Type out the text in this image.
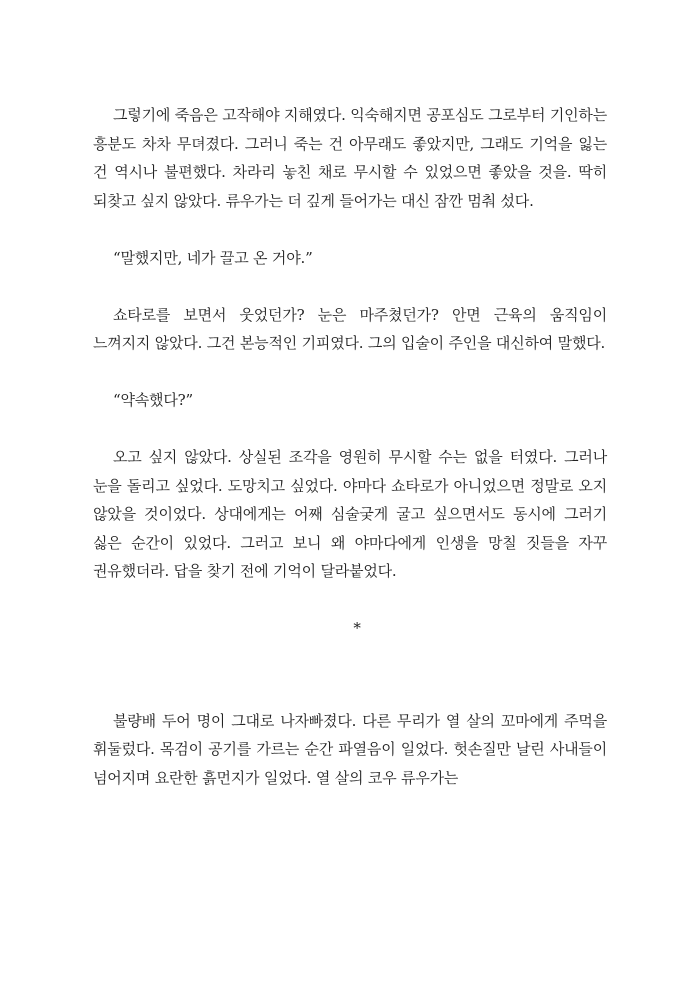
그렇기에 죽음은 고작해야 지해였다. 익숙해지면 공포심도 그로부터 기인하는 흥분도 차차 무뎌졌다. 그러니 죽는 건 아무래도 좋았지만, 그래도 기억을 잃는 건 역시나 불편했다. 차라리 놓친 채로 무시할 수 있었으면 좋았을 것을. 딱히 되찾고 싶지 않았다. 류우가는 더 깊게 들어가는 대신 잠깐 멈춰 섰다.

“말했지만, 네가 끌고 온 거야.”

쇼타로를 보면서 웃었던가? 눈은 마주쳤던가? 안면 근육의 움직임이 느껴지지 않았다. 그건 본능적인 기피였다. 그의 입술이 주인을 대신하여 말했다.

“약속했다?”

오고 싶지 않았다. 상실된 조각을 영원히 무시할 수는 없을 터였다. 그러나 눈을 돌리고 싶었다. 도망치고 싶었다. 야마다 쇼타로가 아니었으면 정말로 오지 않았을 것이었다. 상대에게는 어째 심술궂게 굴고 싶으면서도 동시에 그러기 싫은 순간이 있었다. 그러고 보니 왜 야마다에게 인생을 망칠 짓들을 자꾸 권유했더라. 답을 찾기 전에 기억이 달라붙었다.

*

불량배 두어 명이 그대로 나자빠졌다. 다른 무리가 열 살의 꼬마에게 주먹을 휘둘렀다. 목검이 공기를 가르는 순간 파열음이 일었다. 헛손질만 날린 사내들이 넘어지며 요란한 흙먼지가 일었다. 열 살의 코우 류우가는
